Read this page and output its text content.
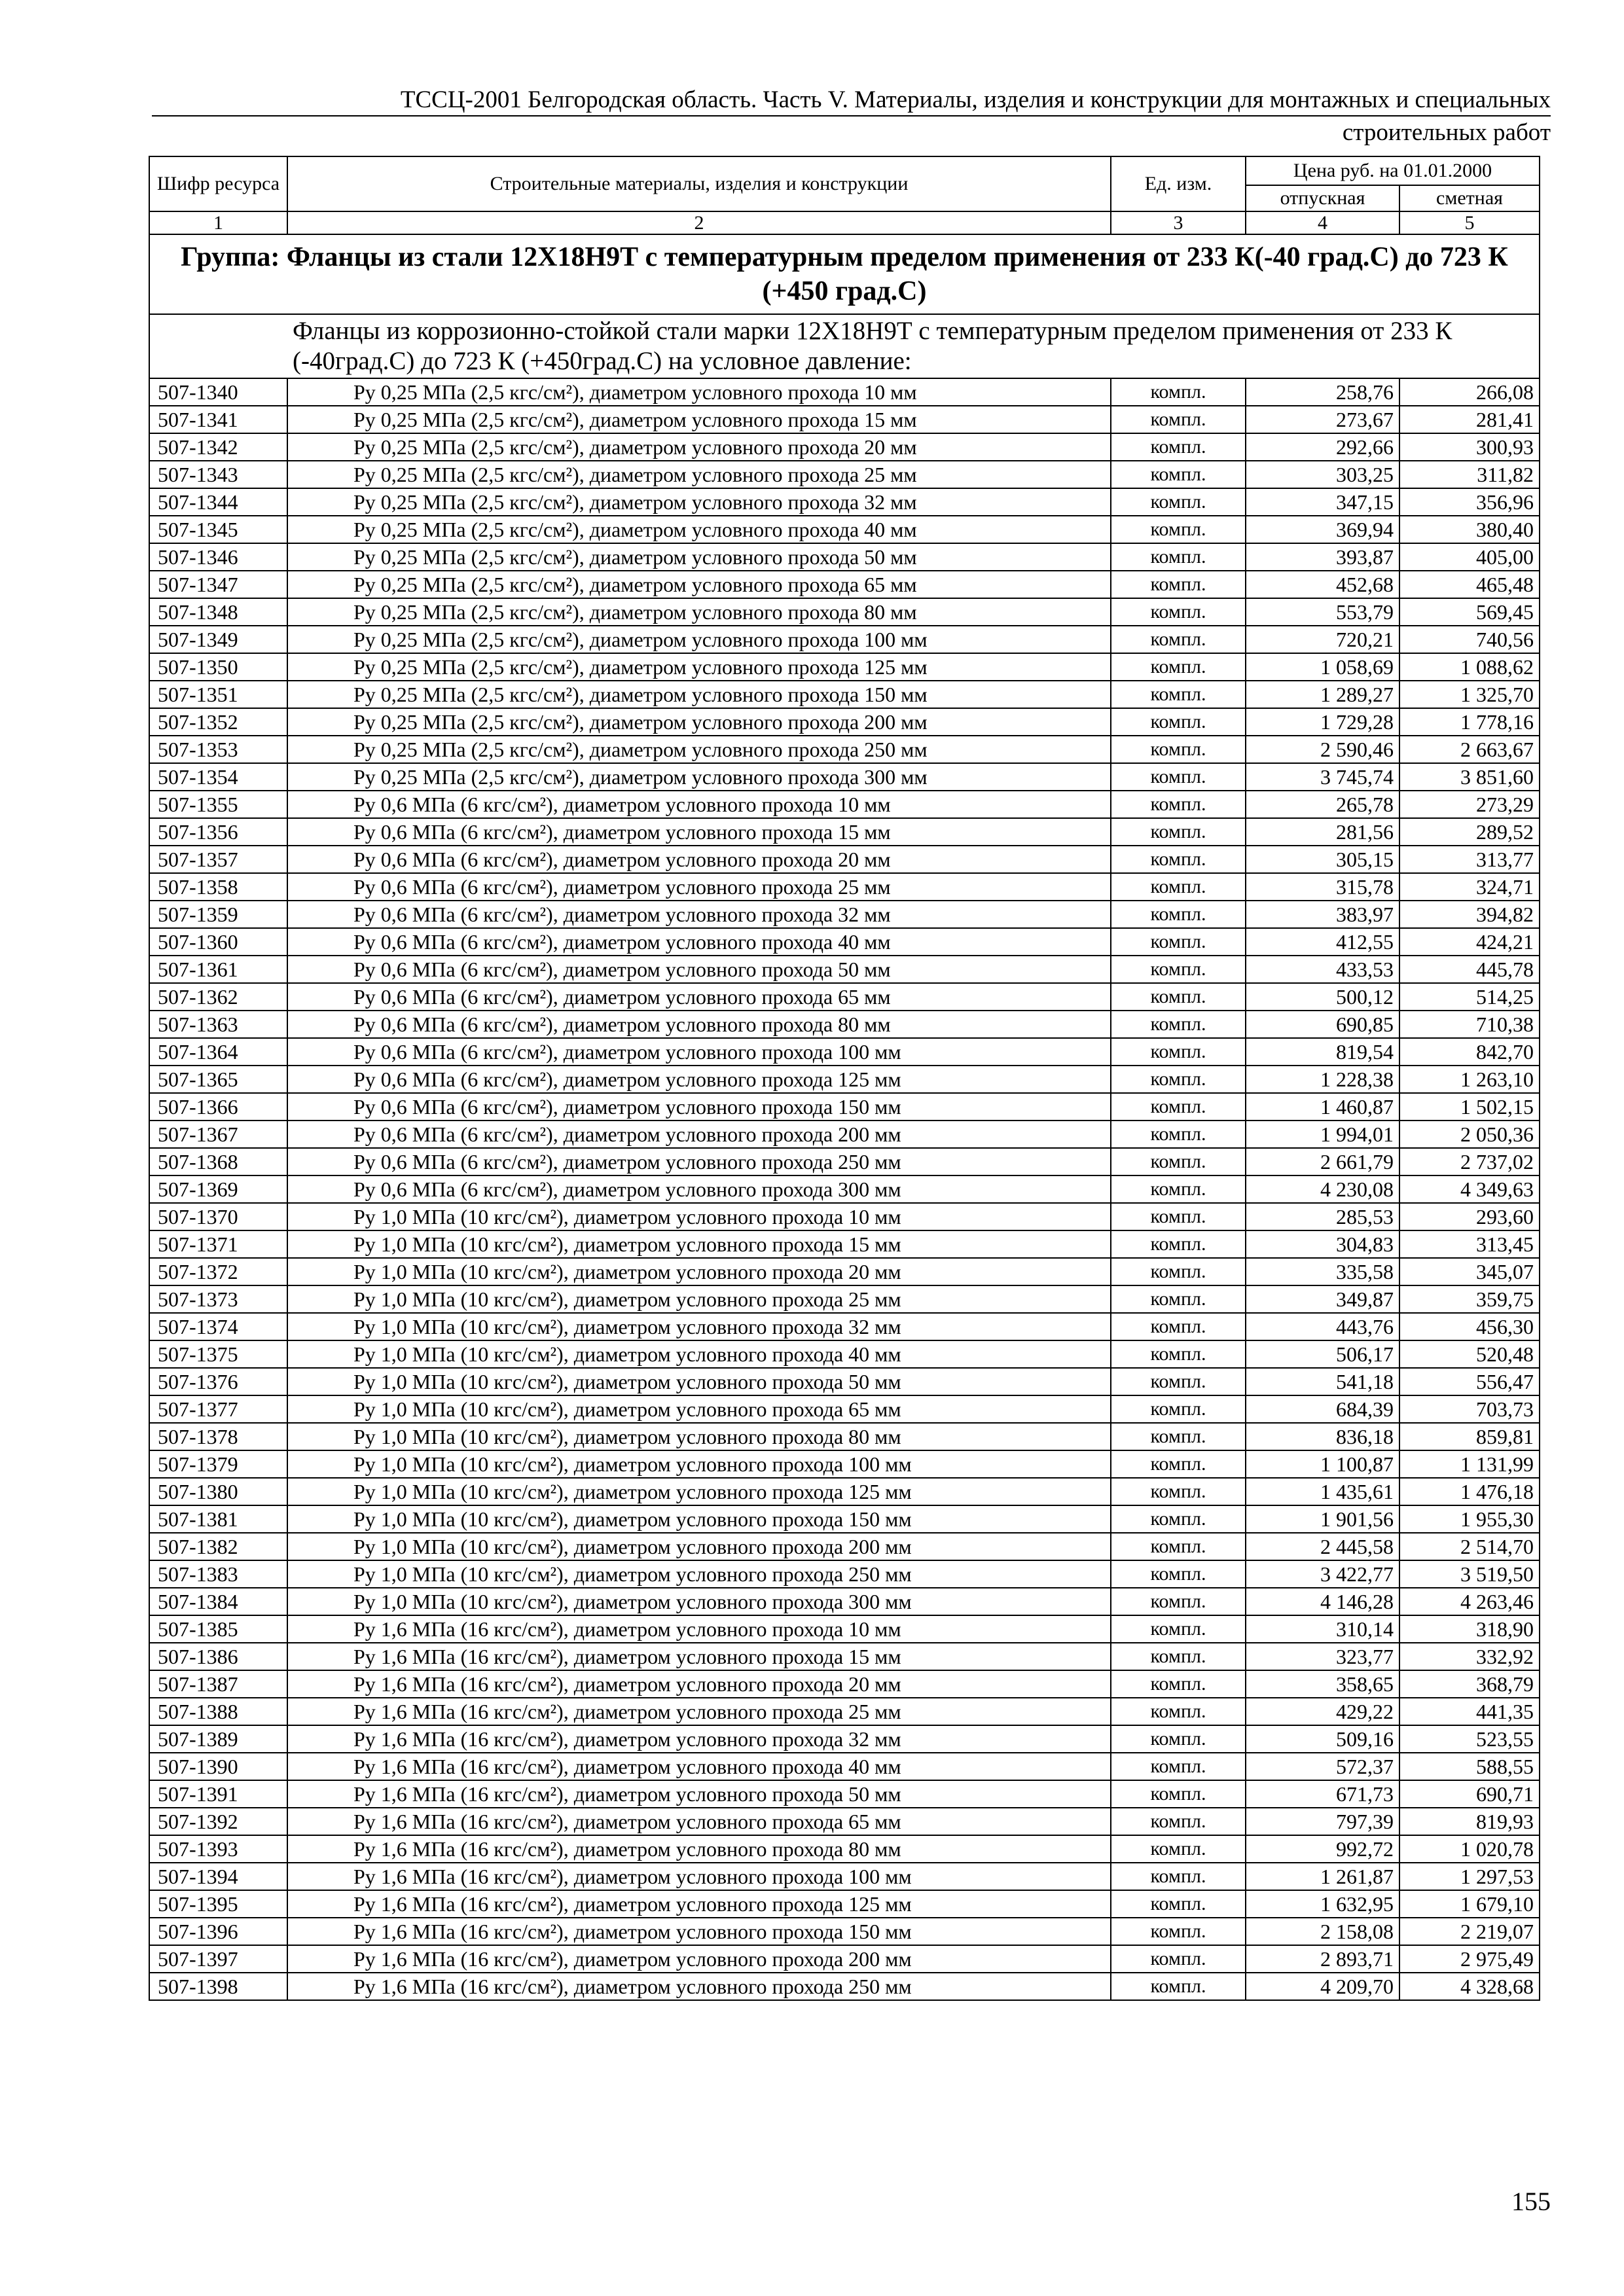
ТССЦ-2001 Белгородская область. Часть V. Материалы, изделия и конструкции для монтажных и специальных
строительных работ
Шифр ресурса	Строительные материалы, изделия и конструкции	Ед. изм.	Цена руб. на 01.01.2000	
			отпускная	сметная
1	2	3	4	5
Группа: Фланцы из стали 12Х18Н9Т с температурным пределом применения от 233 К(-40 град.С) до 723 К (+450 град.С)				
	Фланцы из коррозионно-стойкой стали марки 12Х18Н9Т с температурным пределом применения от 233 К (-40град.С) до 723 К (+450град.С) на условное давление:			
507-1340	Ру 0,25 МПа (2,5 кгс/см²), диаметром условного прохода 10 мм	компл.	258,76	266,08
507-1341	Ру 0,25 МПа (2,5 кгс/см²), диаметром условного прохода 15 мм	компл.	273,67	281,41
507-1342	Ру 0,25 МПа (2,5 кгс/см²), диаметром условного прохода 20 мм	компл.	292,66	300,93
507-1343	Ру 0,25 МПа (2,5 кгс/см²), диаметром условного прохода 25 мм	компл.	303,25	311,82
507-1344	Ру 0,25 МПа (2,5 кгс/см²), диаметром условного прохода 32 мм	компл.	347,15	356,96
507-1345	Ру 0,25 МПа (2,5 кгс/см²), диаметром условного прохода 40 мм	компл.	369,94	380,40
507-1346	Ру 0,25 МПа (2,5 кгс/см²), диаметром условного прохода 50 мм	компл.	393,87	405,00
507-1347	Ру 0,25 МПа (2,5 кгс/см²), диаметром условного прохода 65 мм	компл.	452,68	465,48
507-1348	Ру 0,25 МПа (2,5 кгс/см²), диаметром условного прохода 80 мм	компл.	553,79	569,45
507-1349	Ру 0,25 МПа (2,5 кгс/см²), диаметром условного прохода 100 мм	компл.	720,21	740,56
507-1350	Ру 0,25 МПа (2,5 кгс/см²), диаметром условного прохода 125 мм	компл.	1 058,69	1 088,62
507-1351	Ру 0,25 МПа (2,5 кгс/см²), диаметром условного прохода 150 мм	компл.	1 289,27	1 325,70
507-1352	Ру 0,25 МПа (2,5 кгс/см²), диаметром условного прохода 200 мм	компл.	1 729,28	1 778,16
507-1353	Ру 0,25 МПа (2,5 кгс/см²), диаметром условного прохода 250 мм	компл.	2 590,46	2 663,67
507-1354	Ру 0,25 МПа (2,5 кгс/см²), диаметром условного прохода 300 мм	компл.	3 745,74	3 851,60
507-1355	Ру 0,6 МПа (6 кгс/см²), диаметром условного прохода 10 мм	компл.	265,78	273,29
507-1356	Ру 0,6 МПа (6 кгс/см²), диаметром условного прохода 15 мм	компл.	281,56	289,52
507-1357	Ру 0,6 МПа (6 кгс/см²), диаметром условного прохода 20 мм	компл.	305,15	313,77
507-1358	Ру 0,6 МПа (6 кгс/см²), диаметром условного прохода 25 мм	компл.	315,78	324,71
507-1359	Ру 0,6 МПа (6 кгс/см²), диаметром условного прохода 32 мм	компл.	383,97	394,82
507-1360	Ру 0,6 МПа (6 кгс/см²), диаметром условного прохода 40 мм	компл.	412,55	424,21
507-1361	Ру 0,6 МПа (6 кгс/см²), диаметром условного прохода 50 мм	компл.	433,53	445,78
507-1362	Ру 0,6 МПа (6 кгс/см²), диаметром условного прохода 65 мм	компл.	500,12	514,25
507-1363	Ру 0,6 МПа (6 кгс/см²), диаметром условного прохода 80 мм	компл.	690,85	710,38
507-1364	Ру 0,6 МПа (6 кгс/см²), диаметром условного прохода 100 мм	компл.	819,54	842,70
507-1365	Ру 0,6 МПа (6 кгс/см²), диаметром условного прохода 125 мм	компл.	1 228,38	1 263,10
507-1366	Ру 0,6 МПа (6 кгс/см²), диаметром условного прохода 150 мм	компл.	1 460,87	1 502,15
507-1367	Ру 0,6 МПа (6 кгс/см²), диаметром условного прохода 200 мм	компл.	1 994,01	2 050,36
507-1368	Ру 0,6 МПа (6 кгс/см²), диаметром условного прохода 250 мм	компл.	2 661,79	2 737,02
507-1369	Ру 0,6 МПа (6 кгс/см²), диаметром условного прохода 300 мм	компл.	4 230,08	4 349,63
507-1370	Ру 1,0 МПа (10 кгс/см²), диаметром условного прохода 10 мм	компл.	285,53	293,60
507-1371	Ру 1,0 МПа (10 кгс/см²), диаметром условного прохода 15 мм	компл.	304,83	313,45
507-1372	Ру 1,0 МПа (10 кгс/см²), диаметром условного прохода 20 мм	компл.	335,58	345,07
507-1373	Ру 1,0 МПа (10 кгс/см²), диаметром условного прохода 25 мм	компл.	349,87	359,75
507-1374	Ру 1,0 МПа (10 кгс/см²), диаметром условного прохода 32 мм	компл.	443,76	456,30
507-1375	Ру 1,0 МПа (10 кгс/см²), диаметром условного прохода 40 мм	компл.	506,17	520,48
507-1376	Ру 1,0 МПа (10 кгс/см²), диаметром условного прохода 50 мм	компл.	541,18	556,47
507-1377	Ру 1,0 МПа (10 кгс/см²), диаметром условного прохода 65 мм	компл.	684,39	703,73
507-1378	Ру 1,0 МПа (10 кгс/см²), диаметром условного прохода 80 мм	компл.	836,18	859,81
507-1379	Ру 1,0 МПа (10 кгс/см²), диаметром условного прохода 100 мм	компл.	1 100,87	1 131,99
507-1380	Ру 1,0 МПа (10 кгс/см²), диаметром условного прохода 125 мм	компл.	1 435,61	1 476,18
507-1381	Ру 1,0 МПа (10 кгс/см²), диаметром условного прохода 150 мм	компл.	1 901,56	1 955,30
507-1382	Ру 1,0 МПа (10 кгс/см²), диаметром условного прохода 200 мм	компл.	2 445,58	2 514,70
507-1383	Ру 1,0 МПа (10 кгс/см²), диаметром условного прохода 250 мм	компл.	3 422,77	3 519,50
507-1384	Ру 1,0 МПа (10 кгс/см²), диаметром условного прохода 300 мм	компл.	4 146,28	4 263,46
507-1385	Ру 1,6 МПа (16 кгс/см²), диаметром условного прохода 10 мм	компл.	310,14	318,90
507-1386	Ру 1,6 МПа (16 кгс/см²), диаметром условного прохода 15 мм	компл.	323,77	332,92
507-1387	Ру 1,6 МПа (16 кгс/см²), диаметром условного прохода 20 мм	компл.	358,65	368,79
507-1388	Ру 1,6 МПа (16 кгс/см²), диаметром условного прохода 25 мм	компл.	429,22	441,35
507-1389	Ру 1,6 МПа (16 кгс/см²), диаметром условного прохода 32 мм	компл.	509,16	523,55
507-1390	Ру 1,6 МПа (16 кгс/см²), диаметром условного прохода 40 мм	компл.	572,37	588,55
507-1391	Ру 1,6 МПа (16 кгс/см²), диаметром условного прохода 50 мм	компл.	671,73	690,71
507-1392	Ру 1,6 МПа (16 кгс/см²), диаметром условного прохода 65 мм	компл.	797,39	819,93
507-1393	Ру 1,6 МПа (16 кгс/см²), диаметром условного прохода 80 мм	компл.	992,72	1 020,78
507-1394	Ру 1,6 МПа (16 кгс/см²), диаметром условного прохода 100 мм	компл.	1 261,87	1 297,53
507-1395	Ру 1,6 МПа (16 кгс/см²), диаметром условного прохода 125 мм	компл.	1 632,95	1 679,10
507-1396	Ру 1,6 МПа (16 кгс/см²), диаметром условного прохода 150 мм	компл.	2 158,08	2 219,07
507-1397	Ру 1,6 МПа (16 кгс/см²), диаметром условного прохода 200 мм	компл.	2 893,71	2 975,49
507-1398	Ру 1,6 МПа (16 кгс/см²), диаметром условного прохода 250 мм	компл.	4 209,70	4 328,68
155
